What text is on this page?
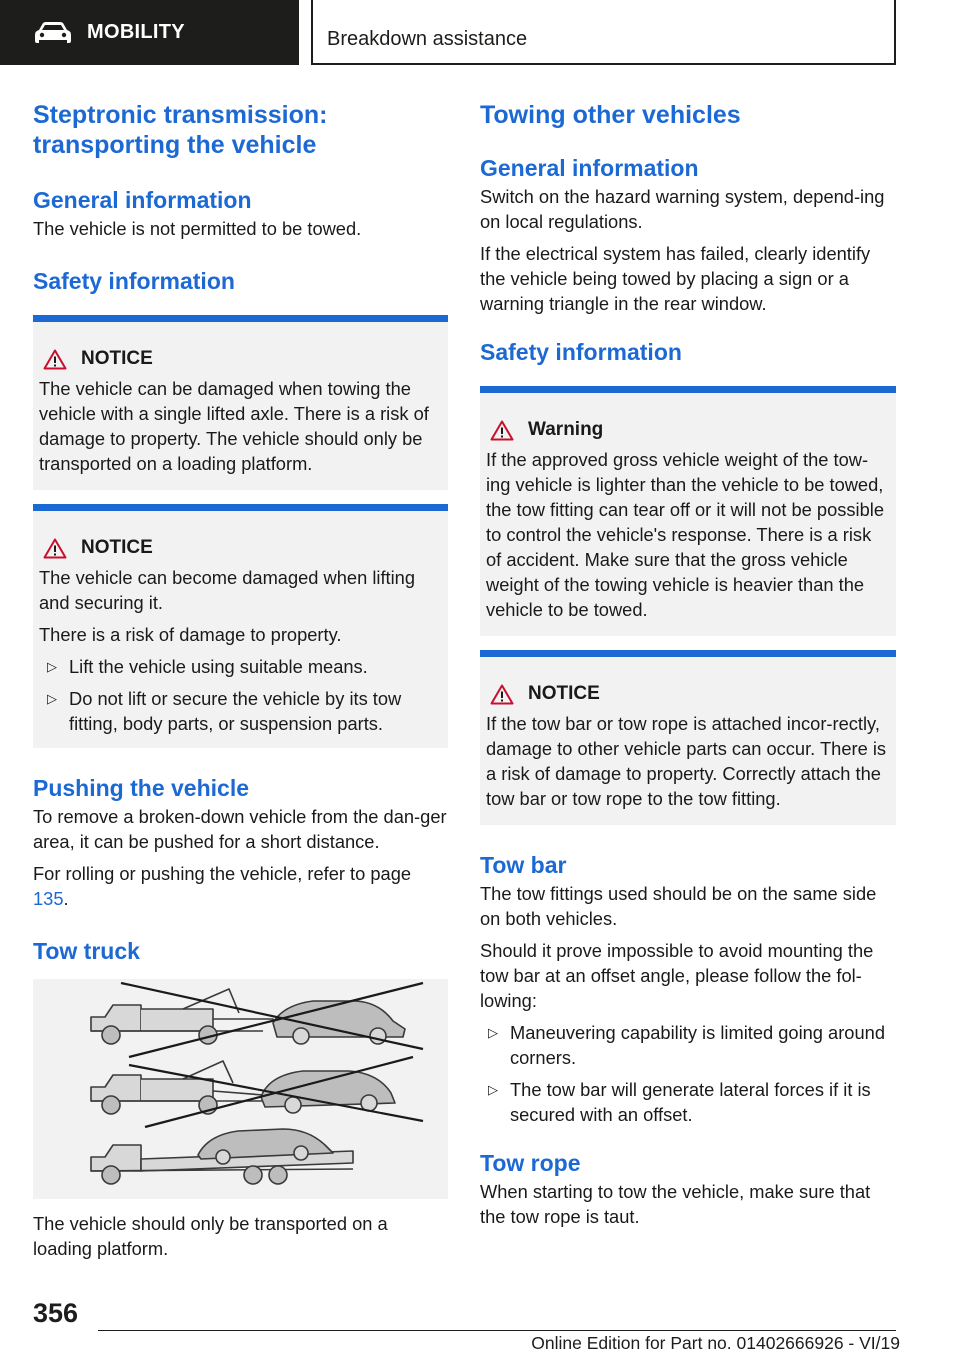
MOBILITY	Breakdown assistance
Steptronic transmission: transporting the vehicle
General information

The vehicle is not permitted to be towed.

Safety information
NOTICE

The vehicle can be damaged when towing the vehicle with a single lifted axle. There is a risk of damage to property. The vehicle should only be transported on a loading platform.

NOTICE

The vehicle can become damaged when lifting and securing it.

There is a risk of damage to property.

▷ Lift the vehicle using suitable means.
▷ Do not lift or secure the vehicle by its tow fitting, body parts, or suspension parts.
Pushing the vehicle

To remove a broken-down vehicle from the dan‐ger area, it can be pushed for a short distance.

For rolling or pushing the vehicle, refer to page 135.

Tow truck

The vehicle should only be transported on a loading platform.

Towing other vehicles
General information

Switch on the hazard warning system, depend‐ing on local regulations.

If the electrical system has failed, clearly identify the vehicle being towed by placing a sign or a warning triangle in the rear window.

Safety information
Warning

If the approved gross vehicle weight of the tow‐ing vehicle is lighter than the vehicle to be towed, the tow fitting can tear off or it will not be possible to control the vehicle's response. There is a risk of accident. Make sure that the gross vehicle weight of the towing vehicle is heavier than the vehicle to be towed.

NOTICE

If the tow bar or tow rope is attached incor‐rectly, damage to other vehicle parts can occur. There is a risk of damage to property. Correctly attach the tow bar or tow rope to the tow fitting.

Tow bar

The tow fittings used should be on the same side on both vehicles.

Should it prove impossible to avoid mounting the tow bar at an offset angle, please follow the fol‐lowing:

▷ Maneuvering capability is limited going around corners.
▷ The tow bar will generate lateral forces if it is secured with an offset.
Tow rope

When starting to tow the vehicle, make sure that the tow rope is taut.

356
Online Edition for Part no. 01402666926 - VI/19
